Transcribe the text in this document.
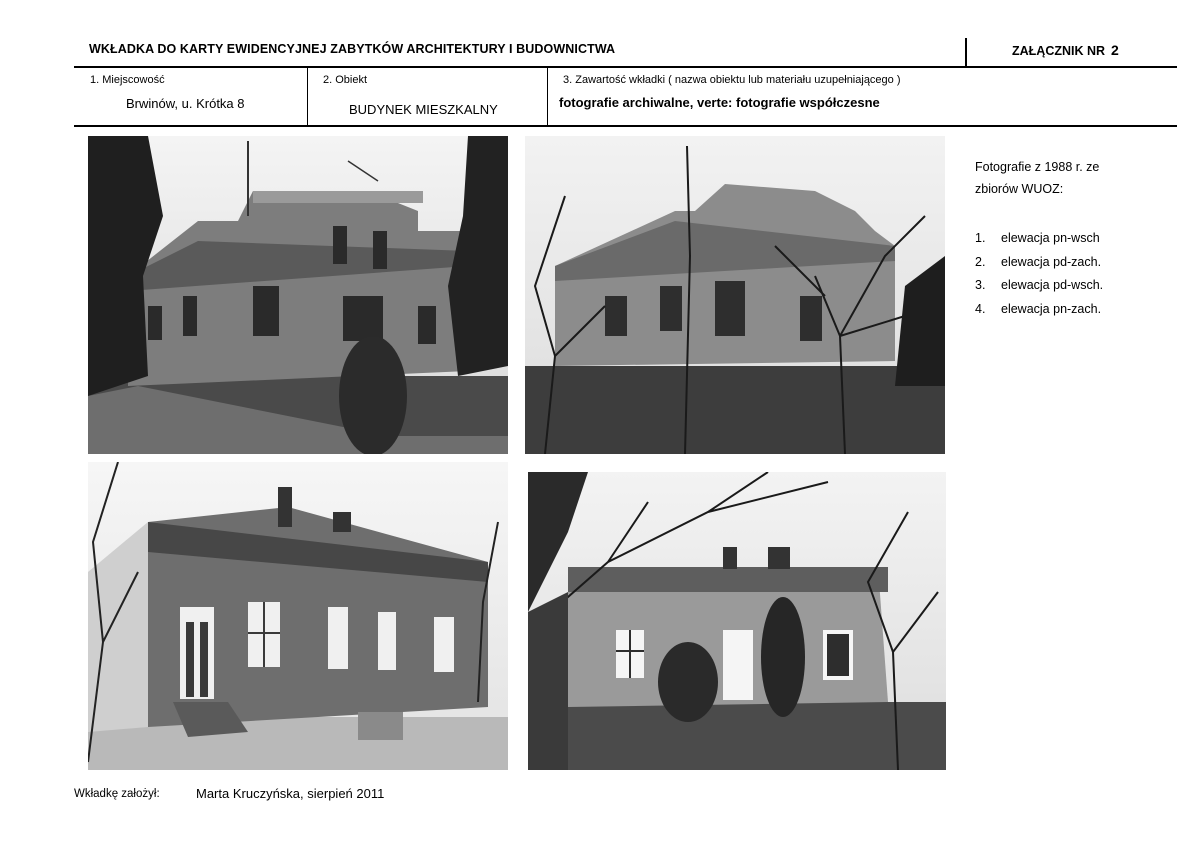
WKŁADKA DO KARTY EWIDENCYJNEJ ZABYTKÓW ARCHITEKTURY I BUDOWNICTWA	ZAŁĄCZNIK NR 2
1. Miejscowość
Brwinów, u. Krótka 8
2. Obiekt
BUDYNEK MIESZKALNY
3. Zawartość wkładki ( nazwa obiektu lub materiału uzupełniającego )
fotografie archiwalne, verte: fotografie współczesne
Fotografie z 1988 r. ze
zbiorów WUOZ:
1.	elewacja pn-wsch
2.	elewacja pd-zach.
3.	elewacja pd-wsch.
4.	elewacja pn-zach.
Wkładkę założył:	Marta Kruczyńska, sierpień 2011
